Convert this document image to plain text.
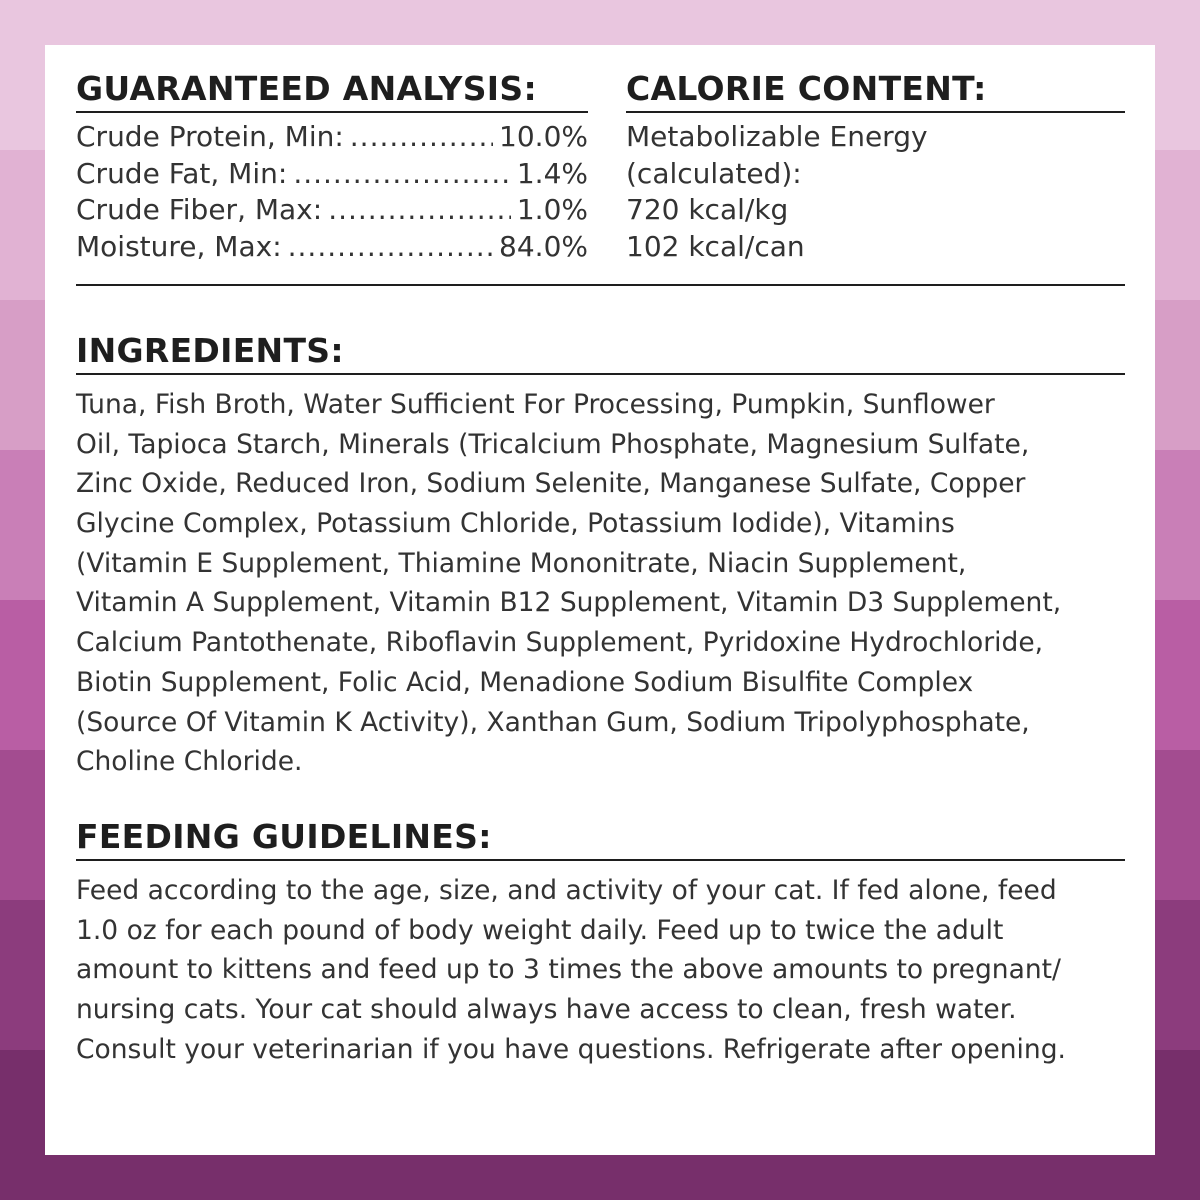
GUARANTEED ANALYSIS:
Crude Protein, Min: .....	10.0%
Crude Fat, Min: .....	1.4%
Crude Fiber, Max: .....	1.0%
Moisture, Max: .....	84.0%
CALORIE CONTENT:
Metabolizable Energy
(calculated):
720 kcal/kg
102 kcal/can
INGREDIENTS:
Tuna, Fish Broth, Water Sufficient For Processing, Pumpkin, Sunflower
Oil, Tapioca Starch, Minerals (Tricalcium Phosphate, Magnesium Sulfate,
Zinc Oxide, Reduced Iron, Sodium Selenite, Manganese Sulfate, Copper
Glycine Complex, Potassium Chloride, Potassium Iodide), Vitamins
(Vitamin E Supplement, Thiamine Mononitrate, Niacin Supplement,
Vitamin A Supplement, Vitamin B12 Supplement, Vitamin D3 Supplement,
Calcium Pantothenate, Riboflavin Supplement, Pyridoxine Hydrochloride,
Biotin Supplement, Folic Acid, Menadione Sodium Bisulfite Complex
(Source Of Vitamin K Activity), Xanthan Gum, Sodium Tripolyphosphate,
Choline Chloride.
FEEDING GUIDELINES:
Feed according to the age, size, and activity of your cat. If fed alone, feed
1.0 oz for each pound of body weight daily. Feed up to twice the adult
amount to kittens and feed up to 3 times the above amounts to pregnant/
nursing cats. Your cat should always have access to clean, fresh water.
Consult your veterinarian if you have questions. Refrigerate after opening.
